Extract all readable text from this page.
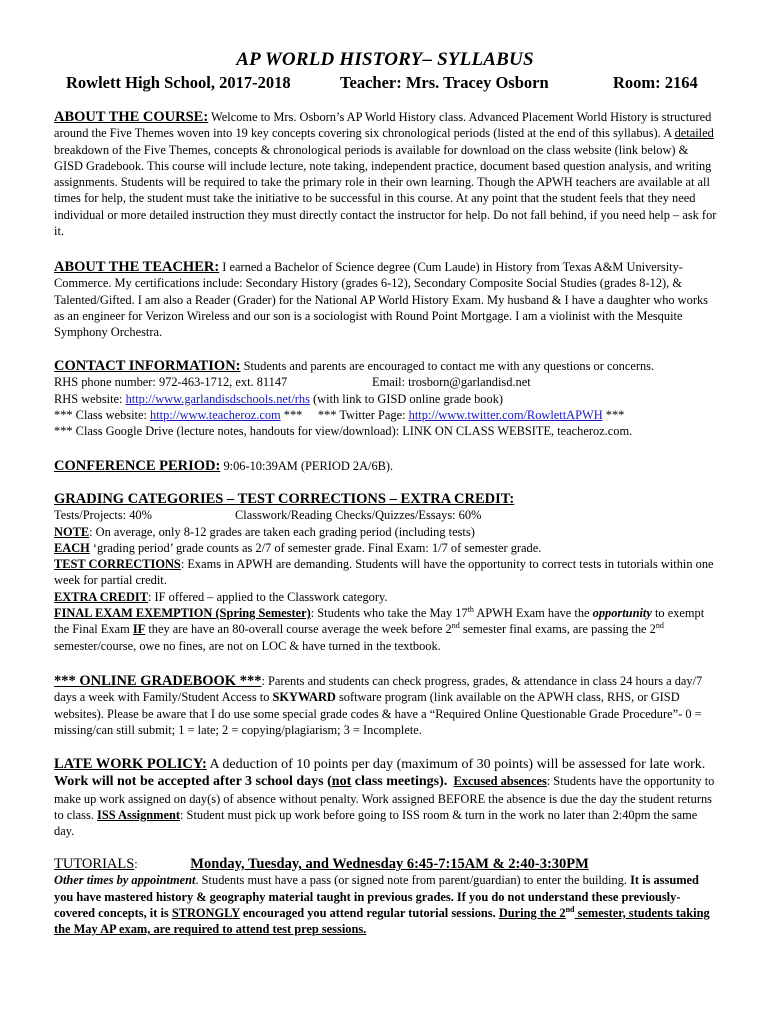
AP WORLD HISTORY– SYLLABUS
Rowlett High School, 2017-2018	Teacher: Mrs. Tracey Osborn	Room: 2164

ABOUT THE COURSE: Welcome to Mrs. Osborn’s AP World History class. Advanced Placement World History is structured around the Five Themes woven into 19 key concepts covering six chronological periods (listed at the end of this syllabus). A detailed breakdown of the Five Themes, concepts & chronological periods is available for download on the class website (link below) & GISD Gradebook. This course will include lecture, note taking, independent practice, document based question analysis, and writing assignments. Students will be required to take the primary role in their own learning. Though the APWH teachers are available at all times for help, the student must take the initiative to be successful in this course. At any point that the student feels that they need individual or more detailed instruction they must directly contact the instructor for help. Do not fall behind, if you need help – ask for it.

ABOUT THE TEACHER: I earned a Bachelor of Science degree (Cum Laude) in History from Texas A&M University-Commerce. My certifications include: Secondary History (grades 6-12), Secondary Composite Social Studies (grades 8-12), & Talented/Gifted. I am also a Reader (Grader) for the National AP World History Exam. My husband & I have a daughter who works as an engineer for Verizon Wireless and our son is a sociologist with Round Point Mortgage. I am a violinist with the Mesquite Symphony Orchestra.

CONTACT INFORMATION: Students and parents are encouraged to contact me with any questions or concerns.

RHS phone number: 972-463-1712, ext. 81147	Email: trosborn@garlandisd.net

RHS website: http://www.garlandisdschools.net/rhs (with link to GISD online grade book)

*** Class website: http://www.teacheroz.com *** *** Twitter Page: http://www.twitter.com/RowlettAPWH ***

*** Class Google Drive (lecture notes, handouts for view/download): LINK ON CLASS WEBSITE, teacheroz.com.

CONFERENCE PERIOD: 9:06-10:39AM (PERIOD 2A/6B).

GRADING CATEGORIES – TEST CORRECTIONS – EXTRA CREDIT:

Tests/Projects: 40%	Classwork/Reading Checks/Quizzes/Essays: 60%

NOTE: On average, only 8-12 grades are taken each grading period (including tests)

EACH ‘grading period’ grade counts as 2/7 of semester grade. Final Exam: 1/7 of semester grade.

TEST CORRECTIONS: Exams in APWH are demanding. Students will have the opportunity to correct tests in tutorials within one week for partial credit.

EXTRA CREDIT: IF offered – applied to the Classwork category.

FINAL EXAM EXEMPTION (Spring Semester): Students who take the May 17th APWH Exam have the opportunity to exempt the Final Exam IF they are have an 80-overall course average the week before 2nd semester final exams, are passing the 2nd semester/course, owe no fines, are not on LOC & have turned in the textbook.

*** ONLINE GRADEBOOK ***: Parents and students can check progress, grades, & attendance in class 24 hours a day/7 days a week with Family/Student Access to SKYWARD software program (link available on the APWH class, RHS, or GISD websites). Please be aware that I do use some special grade codes & have a “Required Online Questionable Grade Procedure”- 0 = missing/can still submit; 1 = late; 2 = copying/plagiarism; 3 = Incomplete.

LATE WORK POLICY: A deduction of 10 points per day (maximum of 30 points) will be assessed for late work. Work will not be accepted after 3 school days (not class meetings). Excused absences: Students have the opportunity to make up work assigned on day(s) of absence without penalty. Work assigned BEFORE the absence is due the day the student returns to class. ISS Assignment: Student must pick up work before going to ISS room & turn in the work no later than 2:40pm the same day.

TUTORIALS:	Monday, Tuesday, and Wednesday 6:45-7:15AM & 2:40-3:30PM

Other times by appointment. Students must have a pass (or signed note from parent/guardian) to enter the building. It is assumed you have mastered history & geography material taught in previous grades. If you do not understand these previously-covered concepts, it is STRONGLY encouraged you attend regular tutorial sessions. During the 2nd semester, students taking the May AP exam, are required to attend test prep sessions.
